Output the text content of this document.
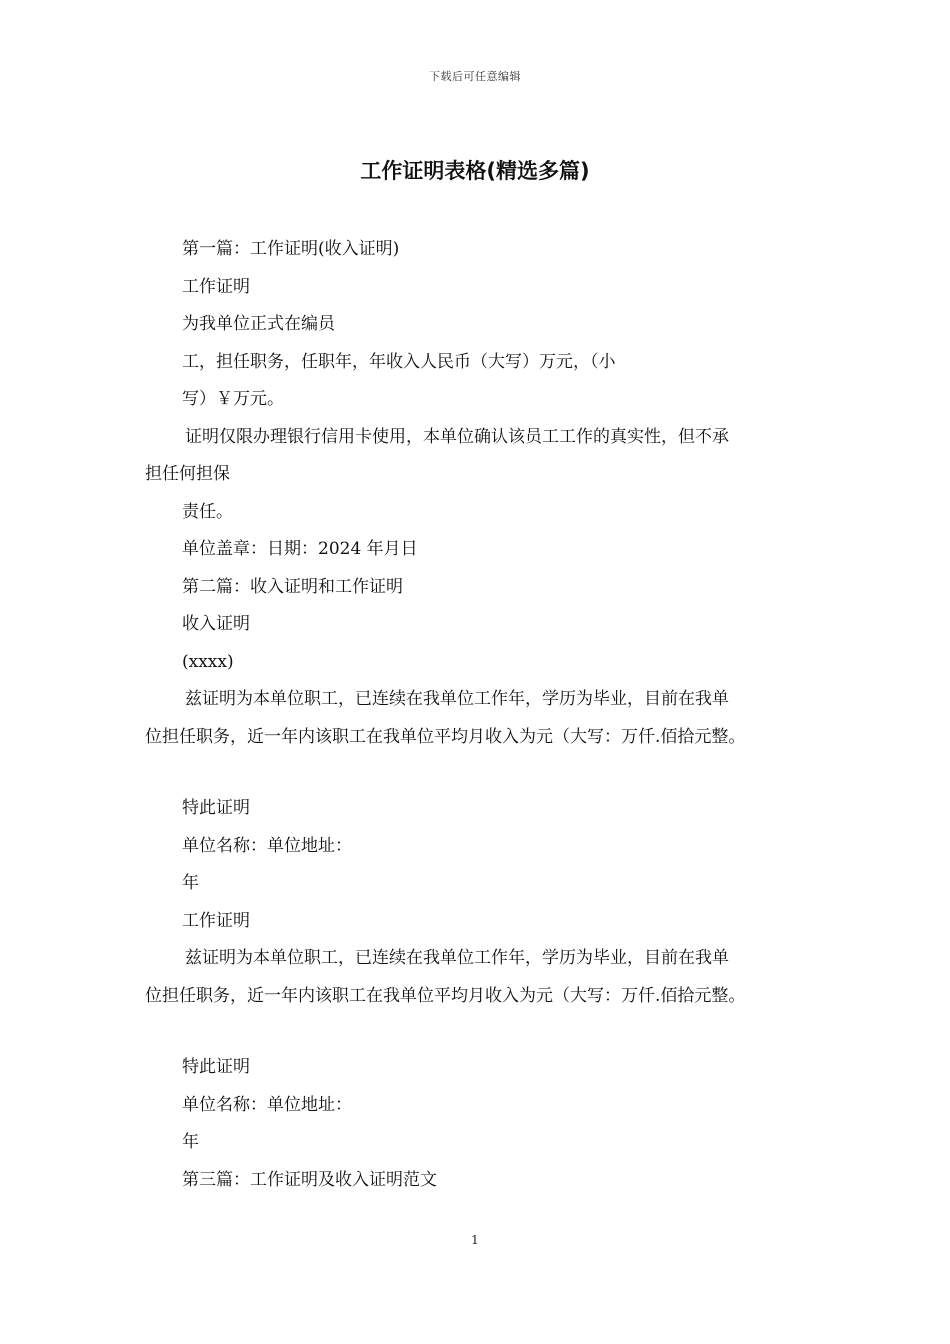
下载后可任意编辑
工作证明表格(精选多篇)
第一篇：工作证明(收入证明)
工作证明
为我单位正式在编员
工，担任职务，任职年，年收入人民币（大写）万元，（小
写）￥万元。
证明仅限办理银行信用卡使用，本单位确认该员工工作的真实性，但不承
担任何担保
责任。
单位盖章：日期：2024 年月日
第二篇：收入证明和工作证明
收入证明
(xxxx)
兹证明为本单位职工，已连续在我单位工作年，学历为毕业，目前在我单
位担任职务，近一年内该职工在我单位平均月收入为元（大写：万仟.佰拾元整。
特此证明
单位名称：单位地址：
年
工作证明
兹证明为本单位职工，已连续在我单位工作年，学历为毕业，目前在我单
位担任职务，近一年内该职工在我单位平均月收入为元（大写：万仟.佰拾元整。
特此证明
单位名称：单位地址：
年
第三篇：工作证明及收入证明范文
1
